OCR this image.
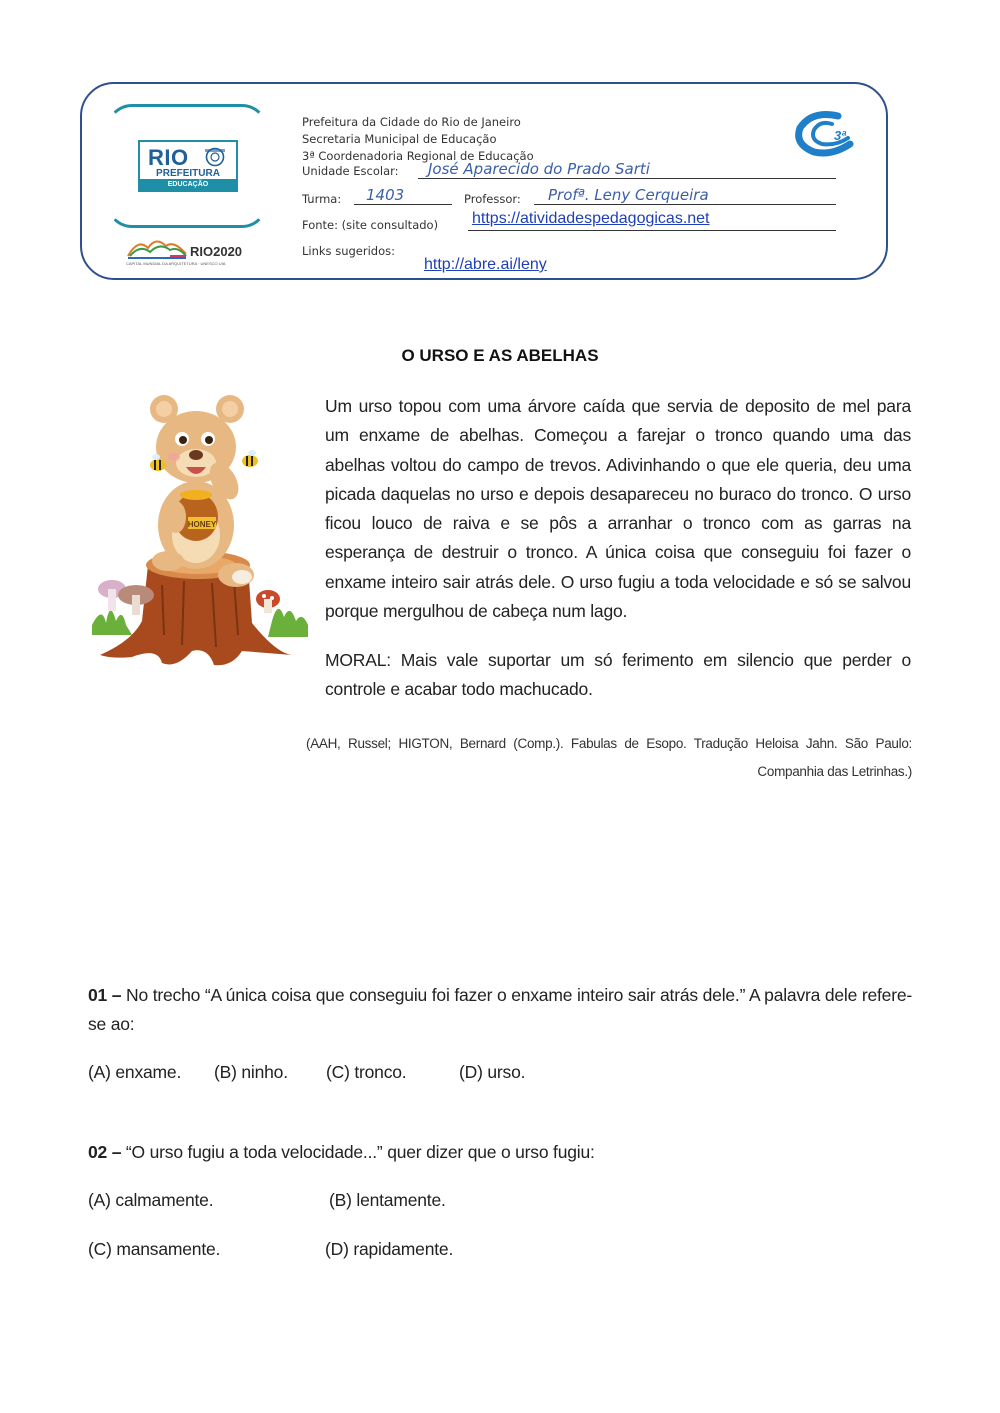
RIO
PREFEITURA
EDUCAÇÃO
RIO2020
CAPITAL MUNDIAL DA ARQUITETURA · UNESCO UIA
Prefeitura da Cidade do Rio de Janeiro
Secretaria Municipal de Educação
3ª Coordenadoria Regional de Educação
Unidade Escolar:	José Aparecido do Prado Sarti
Turma:	1403	Professor:	Profª. Leny Cerqueira
Fonte: (site consultado) https://atividadespedagogicas.net
Links sugeridos:
http://abre.ai/leny
3ª
O URSO E AS ABELHAS
HONEY
Um urso topou com uma árvore caída que servia de deposito de mel para um enxame de abelhas. Começou a farejar o tronco quando uma das abelhas voltou do campo de trevos. Adivinhando o que ele queria, deu uma picada daquelas no urso e depois desapareceu no buraco do tronco. O urso ficou louco de raiva e se pôs a arranhar o tronco com as garras na esperança de destruir o tronco. A única coisa que conseguiu foi fazer o enxame inteiro sair atrás dele. O urso fugiu a toda velocidade e só se salvou porque mergulhou de cabeça num lago.
MORAL: Mais vale suportar um só ferimento em silencio que perder o controle e acabar todo machucado.
(AAH, Russel; HIGTON, Bernard (Comp.). Fabulas de Esopo. Tradução Heloisa Jahn. São Paulo: Companhia das Letrinhas.)
01 – No trecho “A única coisa que conseguiu foi fazer o enxame inteiro sair atrás dele.” A palavra dele refere-se ao:
(A) enxame. (B) ninho. (C) tronco.	(D) urso.
02 – “O urso fugiu a toda velocidade...” quer dizer que o urso fugiu:
(A) calmamente.	(B) lentamente.
(C) mansamente.	(D) rapidamente.
